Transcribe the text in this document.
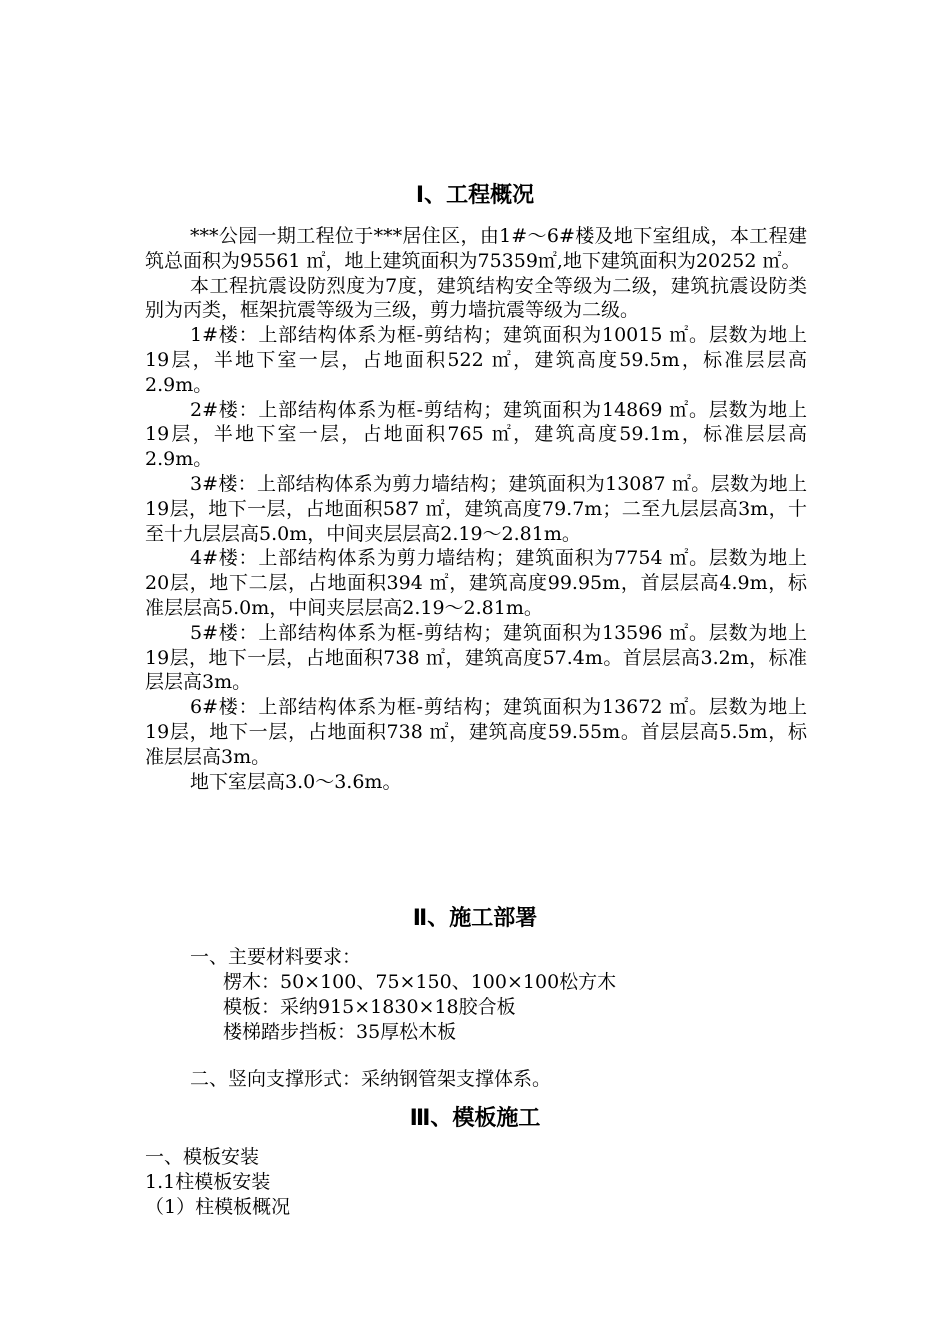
Ⅰ、工程概况

***公园一期工程位于***居住区，由1#～6#楼及地下室组成，本工程建筑总面积为95561 ㎡，地上建筑面积为75359㎡,地下建筑面积为20252 ㎡。

本工程抗震设防烈度为7度，建筑结构安全等级为二级，建筑抗震设防类别为丙类，框架抗震等级为三级，剪力墙抗震等级为二级。

1#楼：上部结构体系为框-剪结构；建筑面积为10015 ㎡。层数为地上19层，半地下室一层，占地面积522 ㎡，建筑高度59.5m，标准层层高2.9m。

2#楼：上部结构体系为框-剪结构；建筑面积为14869 ㎡。层数为地上19层，半地下室一层，占地面积765 ㎡，建筑高度59.1m，标准层层高2.9m。

3#楼：上部结构体系为剪力墙结构；建筑面积为13087 ㎡。层数为地上19层，地下一层，占地面积587 ㎡，建筑高度79.7m；二至九层层高3m，十至十九层层高5.0m，中间夹层层高2.19～2.81m。

4#楼：上部结构体系为剪力墙结构；建筑面积为7754 ㎡。层数为地上20层，地下二层，占地面积394 ㎡，建筑高度99.95m，首层层高4.9m，标准层层高5.0m，中间夹层层高2.19～2.81m。

5#楼：上部结构体系为框-剪结构；建筑面积为13596 ㎡。层数为地上19层，地下一层，占地面积738 ㎡，建筑高度57.4m。首层层高3.2m，标准层层高3m。

6#楼：上部结构体系为框-剪结构；建筑面积为13672 ㎡。层数为地上19层，地下一层，占地面积738 ㎡，建筑高度59.55m。首层层高5.5m，标准层层高3m。

地下室层高3.0～3.6m。

Ⅱ、施工部署
一、主要材料要求：
楞木：50×100、75×150、100×100松方木
模板：采纳915×1830×18胶合板
楼梯踏步挡板：35厚松木板
二、竖向支撑形式：采纳钢管架支撑体系。
Ⅲ、模板施工
一、模板安装
1.1柱模板安装
（1）柱模板概况
